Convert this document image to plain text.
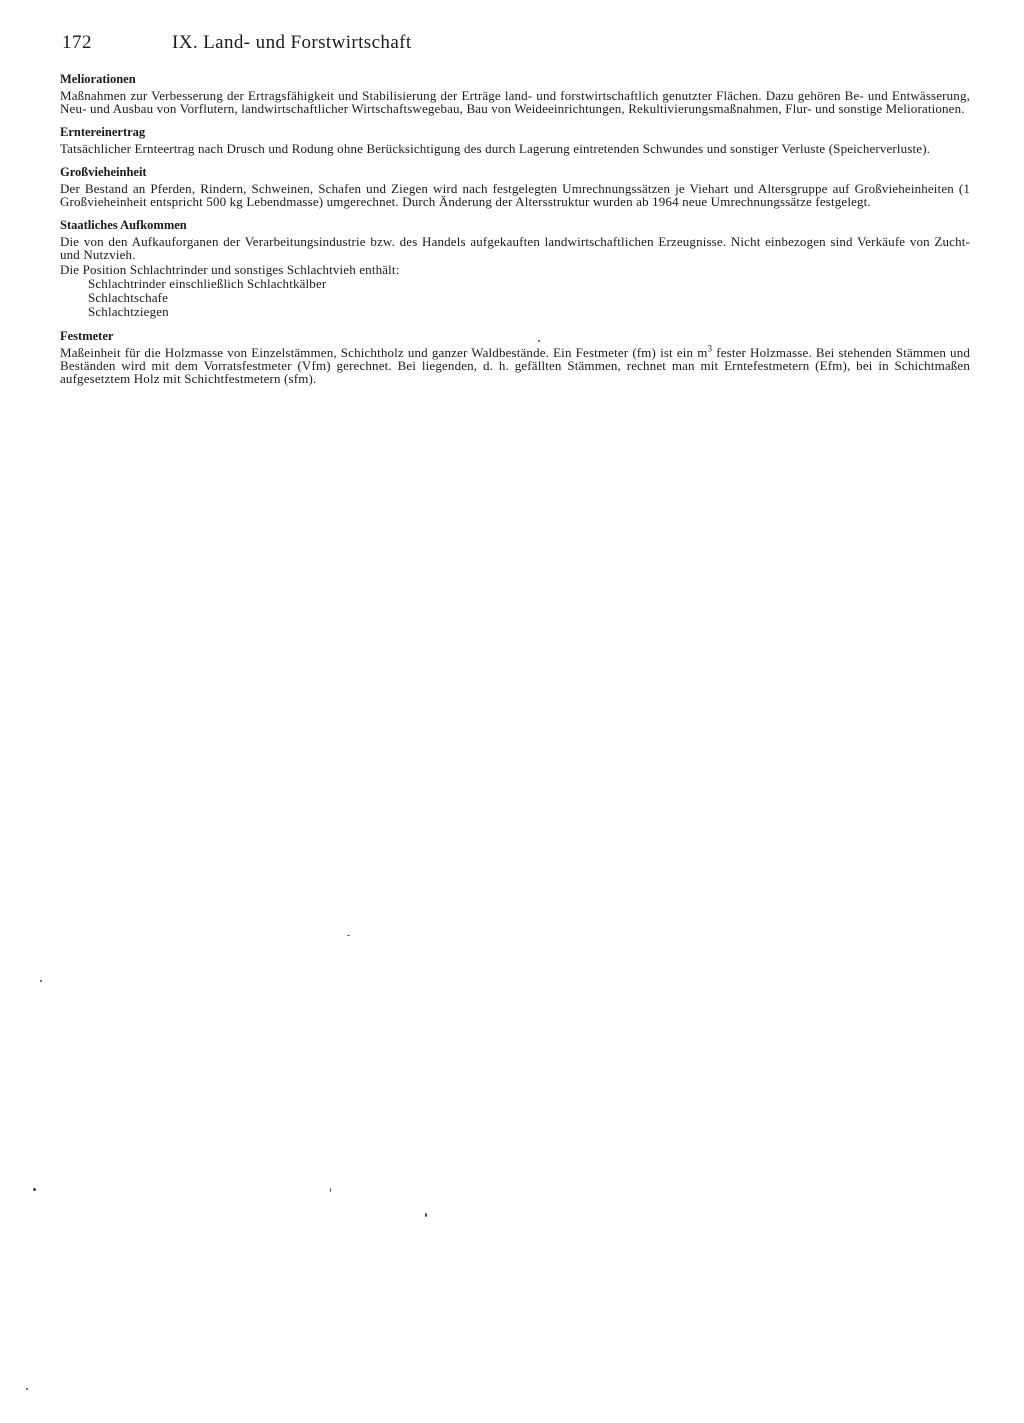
172	IX. Land- und Forstwirtschaft

Meliorationen

Maßnahmen zur Verbesserung der Ertragsfähigkeit und Stabilisierung der Erträge land- und forstwirtschaftlich genutzter Flächen. Dazu gehören Be- und Entwässerung, Neu- und Ausbau von Vorflutern, landwirtschaftlicher Wirtschaftswegebau, Bau von Weideeinrichtungen, Rekultivierungsmaßnahmen, Flur- und sonstige Meliorationen.

Erntereinertrag

Tatsächlicher Ernteertrag nach Drusch und Rodung ohne Berücksichtigung des durch Lagerung eintretenden Schwundes und sonstiger Verluste (Speicherverluste).

Großvieheinheit

Der Bestand an Pferden, Rindern, Schweinen, Schafen und Ziegen wird nach festgelegten Umrechnungssätzen je Viehart und Altersgruppe auf Großvieheinheiten (1 Großvieheinheit entspricht 500 kg Lebendmasse) umgerechnet. Durch Änderung der Altersstruktur wurden ab 1964 neue Umrechnungssätze festgelegt.

Staatliches Aufkommen

Die von den Aufkauforganen der Verarbeitungsindustrie bzw. des Handels aufgekauften landwirtschaftlichen Erzeugnisse. Nicht einbezogen sind Verkäufe von Zucht- und Nutzvieh.

Die Position Schlachtrinder und sonstiges Schlachtvieh enthält:

Schlachtrinder einschließlich Schlachtkälber
Schlachtschafe
Schlachtziegen

Festmeter

Maßeinheit für die Holzmasse von Einzelstämmen, Schichtholz und ganzer Waldbestände. Ein Festmeter (fm) ist ein $m^3$ fester Holzmasse. Bei stehenden Stämmen und Beständen wird mit dem Vorratsfestmeter (Vfm) gerechnet. Bei liegenden, d. h. gefällten Stämmen, rechnet man mit Erntefestmetern (Efm), bei in Schichtmaßen aufgesetztem Holz mit Schichtfestmetern (sfm).
